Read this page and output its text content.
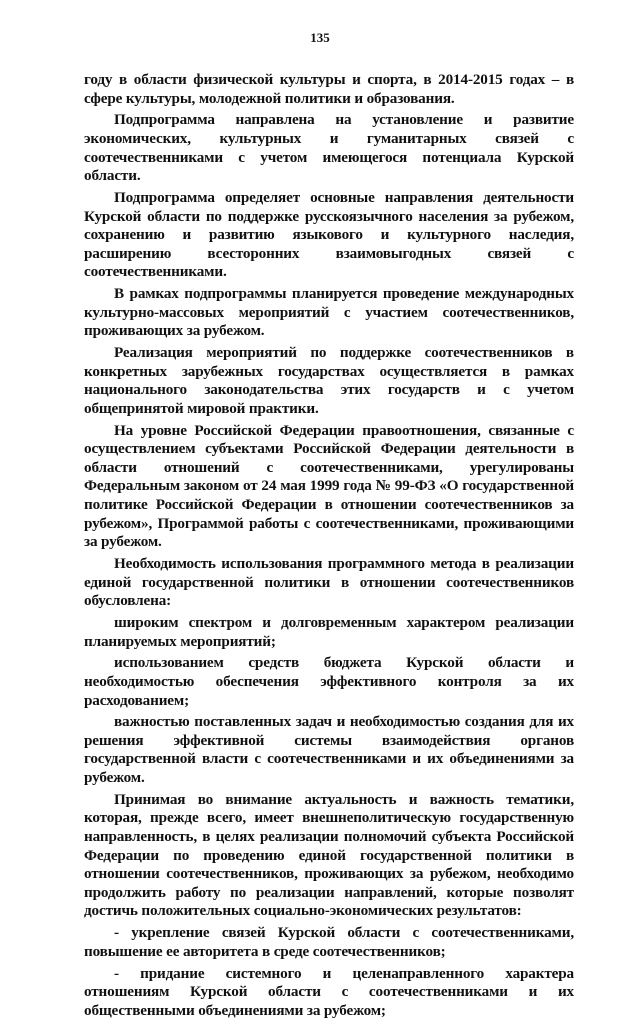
135

году в области физической культуры и спорта, в 2014-2015 годах – в сфере культуры, молодежной политики и образования.

Подпрограмма направлена на установление и развитие экономических, культурных и гуманитарных связей с соотечественниками с учетом имеющегося потенциала Курской области.

Подпрограмма определяет основные направления деятельности Курской области по поддержке русскоязычного населения за рубежом, сохранению и развитию языкового и культурного наследия, расширению всесторонних взаимовыгодных связей с соотечественниками.

В рамках подпрограммы планируется проведение международных культурно-массовых мероприятий с участием соотечественников, проживающих за рубежом.

Реализация мероприятий по поддержке соотечественников в конкретных зарубежных государствах осуществляется в рамках национального законодательства этих государств и с учетом общепринятой мировой практики.

На уровне Российской Федерации правоотношения, связанные с осуществлением субъектами Российской Федерации деятельности в области отношений с соотечественниками, урегулированы Федеральным законом от 24 мая 1999 года № 99-ФЗ «О государственной политике Российской Федерации в отношении соотечественников за рубежом», Программой работы с соотечественниками, проживающими за рубежом.

Необходимость использования программного метода в реализации единой государственной политики в отношении соотечественников обусловлена:

широким спектром и долговременным характером реализации планируемых мероприятий;

использованием средств бюджета Курской области и необходимостью обеспечения эффективного контроля за их расходованием;

важностью поставленных задач и необходимостью создания для их решения эффективной системы взаимодействия органов государственной власти с соотечественниками и их объединениями за рубежом.

Принимая во внимание актуальность и важность тематики, которая, прежде всего, имеет внешнеполитическую государственную направленность, в целях реализации полномочий субъекта Российской Федерации по проведению единой государственной политики в отношении соотечественников, проживающих за рубежом, необходимо продолжить работу по реализации направлений, которые позволят достичь положительных социально-экономических результатов:

- укрепление связей Курской области с соотечественниками, повышение ее авторитета в среде соотечественников;

- придание системного и целенаправленного характера отношениям Курской области с соотечественниками и их общественными объединениями за рубежом;
